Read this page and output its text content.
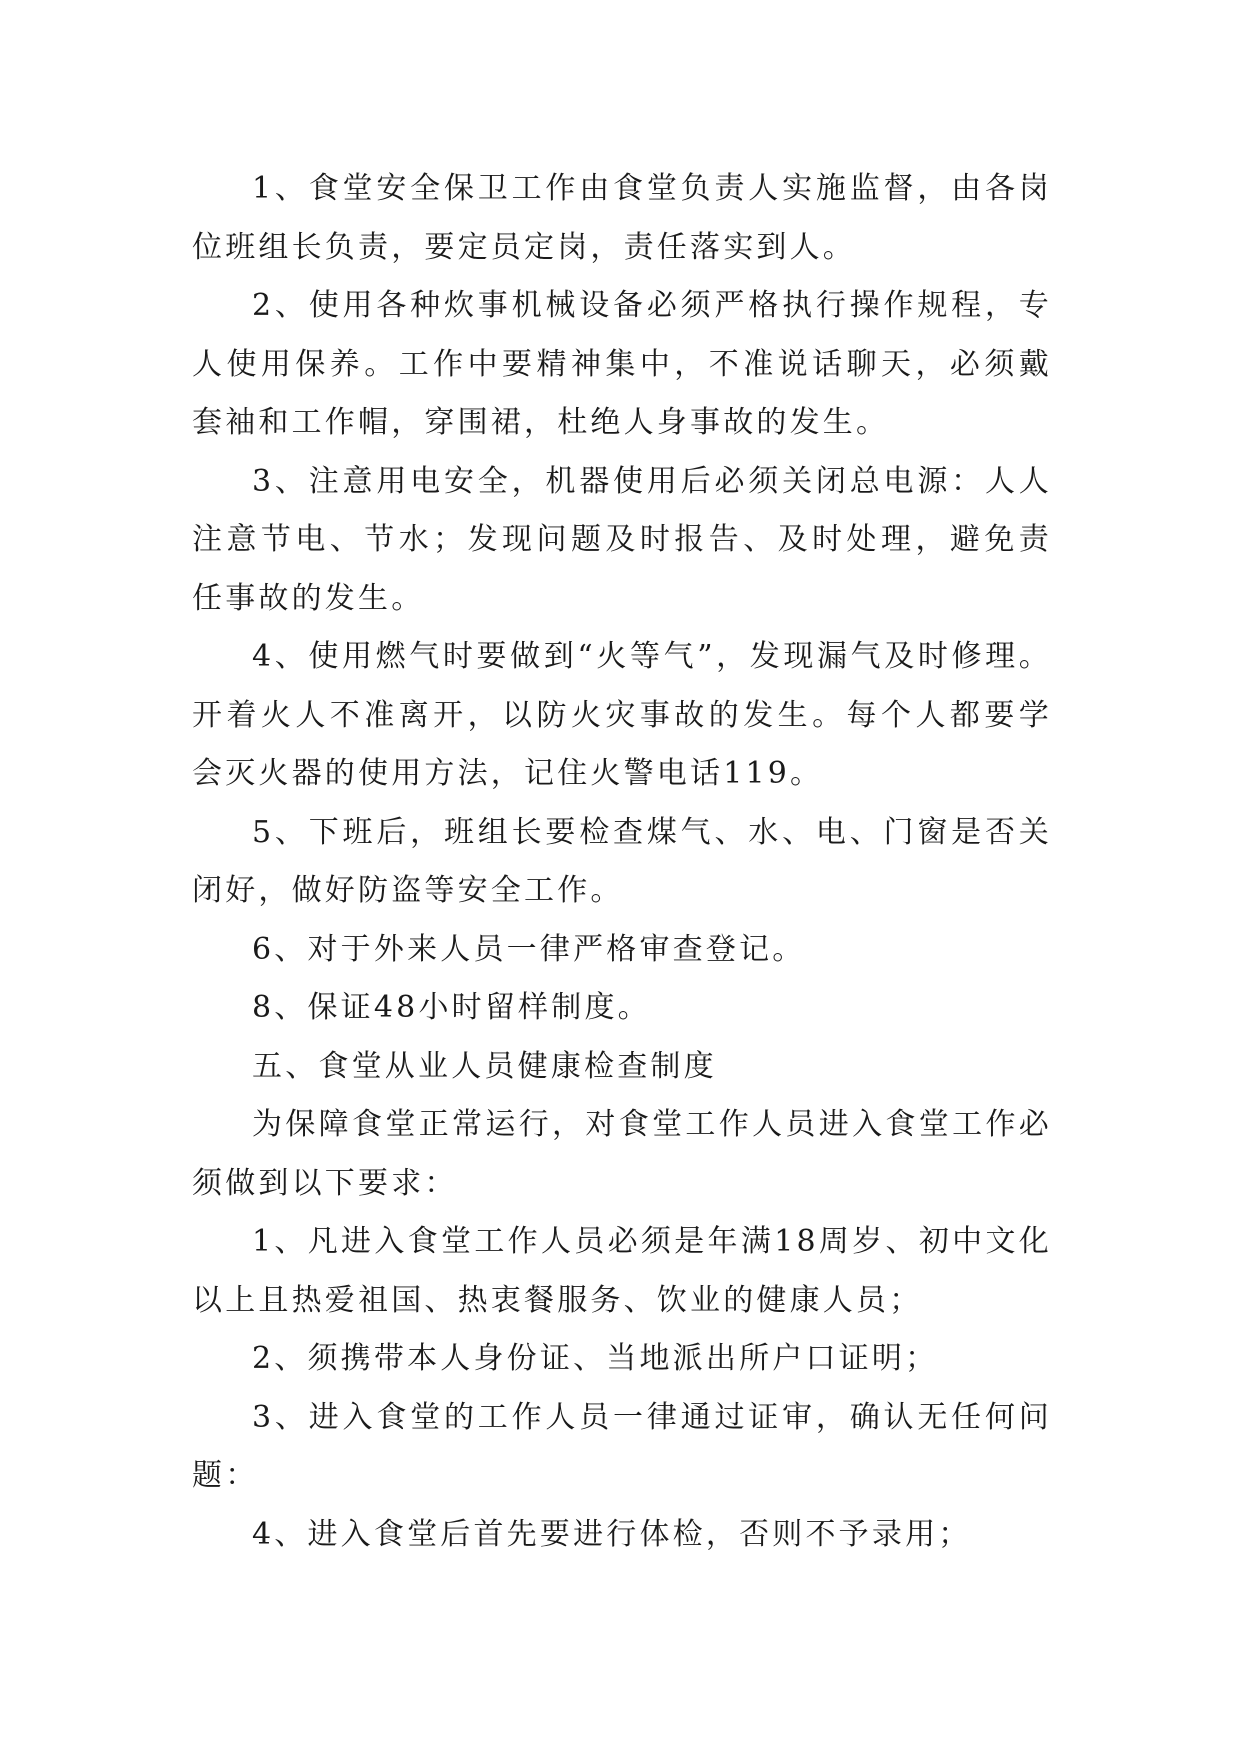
1、食堂安全保卫工作由食堂负责人实施监督，由各岗位班组长负责，要定员定岗，责任落实到人。

2、使用各种炊事机械设备必须严格执行操作规程，专人使用保养。工作中要精神集中，不准说话聊天，必须戴套袖和工作帽，穿围裙，杜绝人身事故的发生。

3、注意用电安全，机器使用后必须关闭总电源：人人注意节电、节水；发现问题及时报告、及时处理，避免责任事故的发生。

4、使用燃气时要做到“火等气”，发现漏气及时修理。开着火人不准离开，以防火灾事故的发生。每个人都要学会灭火器的使用方法，记住火警电话119。

5、下班后，班组长要检查煤气、水、电、门窗是否关闭好，做好防盗等安全工作。

6、对于外来人员一律严格审查登记。

8、保证48小时留样制度。

五、食堂从业人员健康检查制度

为保障食堂正常运行，对食堂工作人员进入食堂工作必须做到以下要求：

1、凡进入食堂工作人员必须是年满18周岁、初中文化以上且热爱祖国、热衷餐服务、饮业的健康人员；

2、须携带本人身份证、当地派出所户口证明；

3、进入食堂的工作人员一律通过证审，确认无任何问题：

4、进入食堂后首先要进行体检，否则不予录用；
